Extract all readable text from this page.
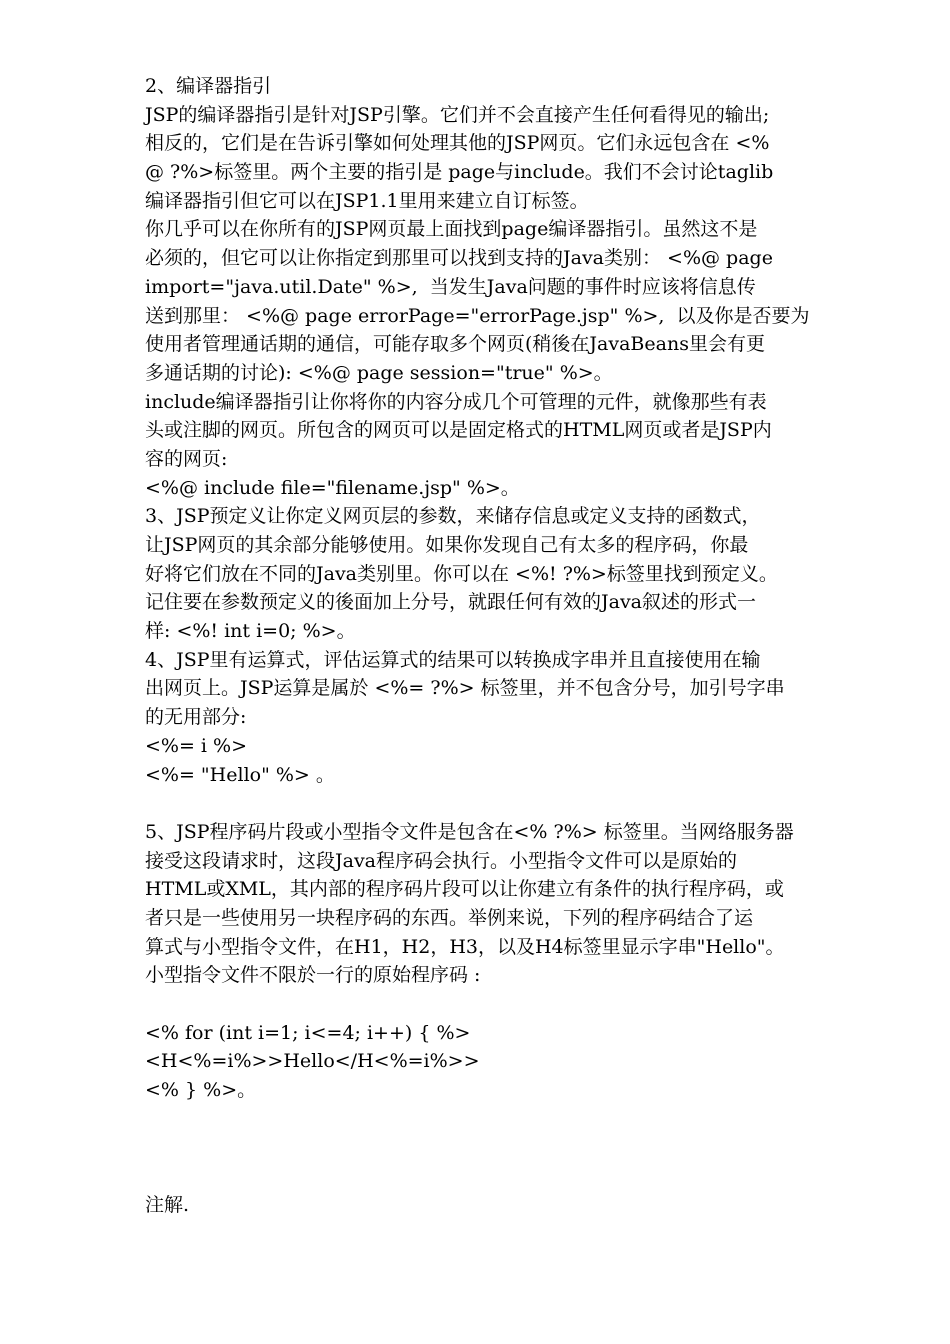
2、编译器指引
JSP的编译器指引是针对JSP引擎。它们并不会直接产生任何看得见的输出;
相反的，它们是在告诉引擎如何处理其他的JSP网页。它们永远包含在 <%
@ ?%>标签里。两个主要的指引是 page与include。我们不会讨论taglib
编译器指引但它可以在JSP1.1里用来建立自订标签。
你几乎可以在你所有的JSP网页最上面找到page编译器指引。虽然这不是
必须的，但它可以让你指定到那里可以找到支持的Java类别： <%@ page
import="java.util.Date" %>,  当发生Java问题的事件时应该将信息传
送到那里： <%@ page errorPage="errorPage.jsp" %>,  以及你是否要为
使用者管理通话期的通信，可能存取多个网页(稍後在JavaBeans里会有更
多通话期的讨论): <%@ page session="true" %>。
include编译器指引让你将你的内容分成几个可管理的元件，就像那些有表
头或注脚的网页。所包含的网页可以是固定格式的HTML网页或者是JSP内
容的网页:
<%@ include file="filename.jsp" %>。
3、JSP预定义让你定义网页层的参数，来储存信息或定义支持的函数式，
让JSP网页的其余部分能够使用。如果你发现自己有太多的程序码，你最
好将它们放在不同的Java类别里。你可以在 <%! ?%>标签里找到预定义。
记住要在参数预定义的後面加上分号，就跟任何有效的Java叙述的形式一
样: <%! int i=0; %>。
4、JSP里有运算式，评估运算式的结果可以转换成字串并且直接使用在输
出网页上。JSP运算是属於 <%= ?%> 标签里，并不包含分号，加引号字串
的无用部分:
<%= i %>
<%= "Hello" %> 。
5、JSP程序码片段或小型指令文件是包含在<% ?%> 标签里。当网络服务器
接受这段请求时，这段Java程序码会执行。小型指令文件可以是原始的
HTML或XML，其内部的程序码片段可以让你建立有条件的执行程序码，或
者只是一些使用另一块程序码的东西。举例来说，下列的程序码结合了运
算式与小型指令文件，在H1，H2，H3，以及H4标签里显示字串"Hello"。
小型指令文件不限於一行的原始程序码 :
<% for (int i=1; i<=4; i++) { %>
<H<%=i%>>Hello</H<%=i%>>
<% } %>。
注解.
